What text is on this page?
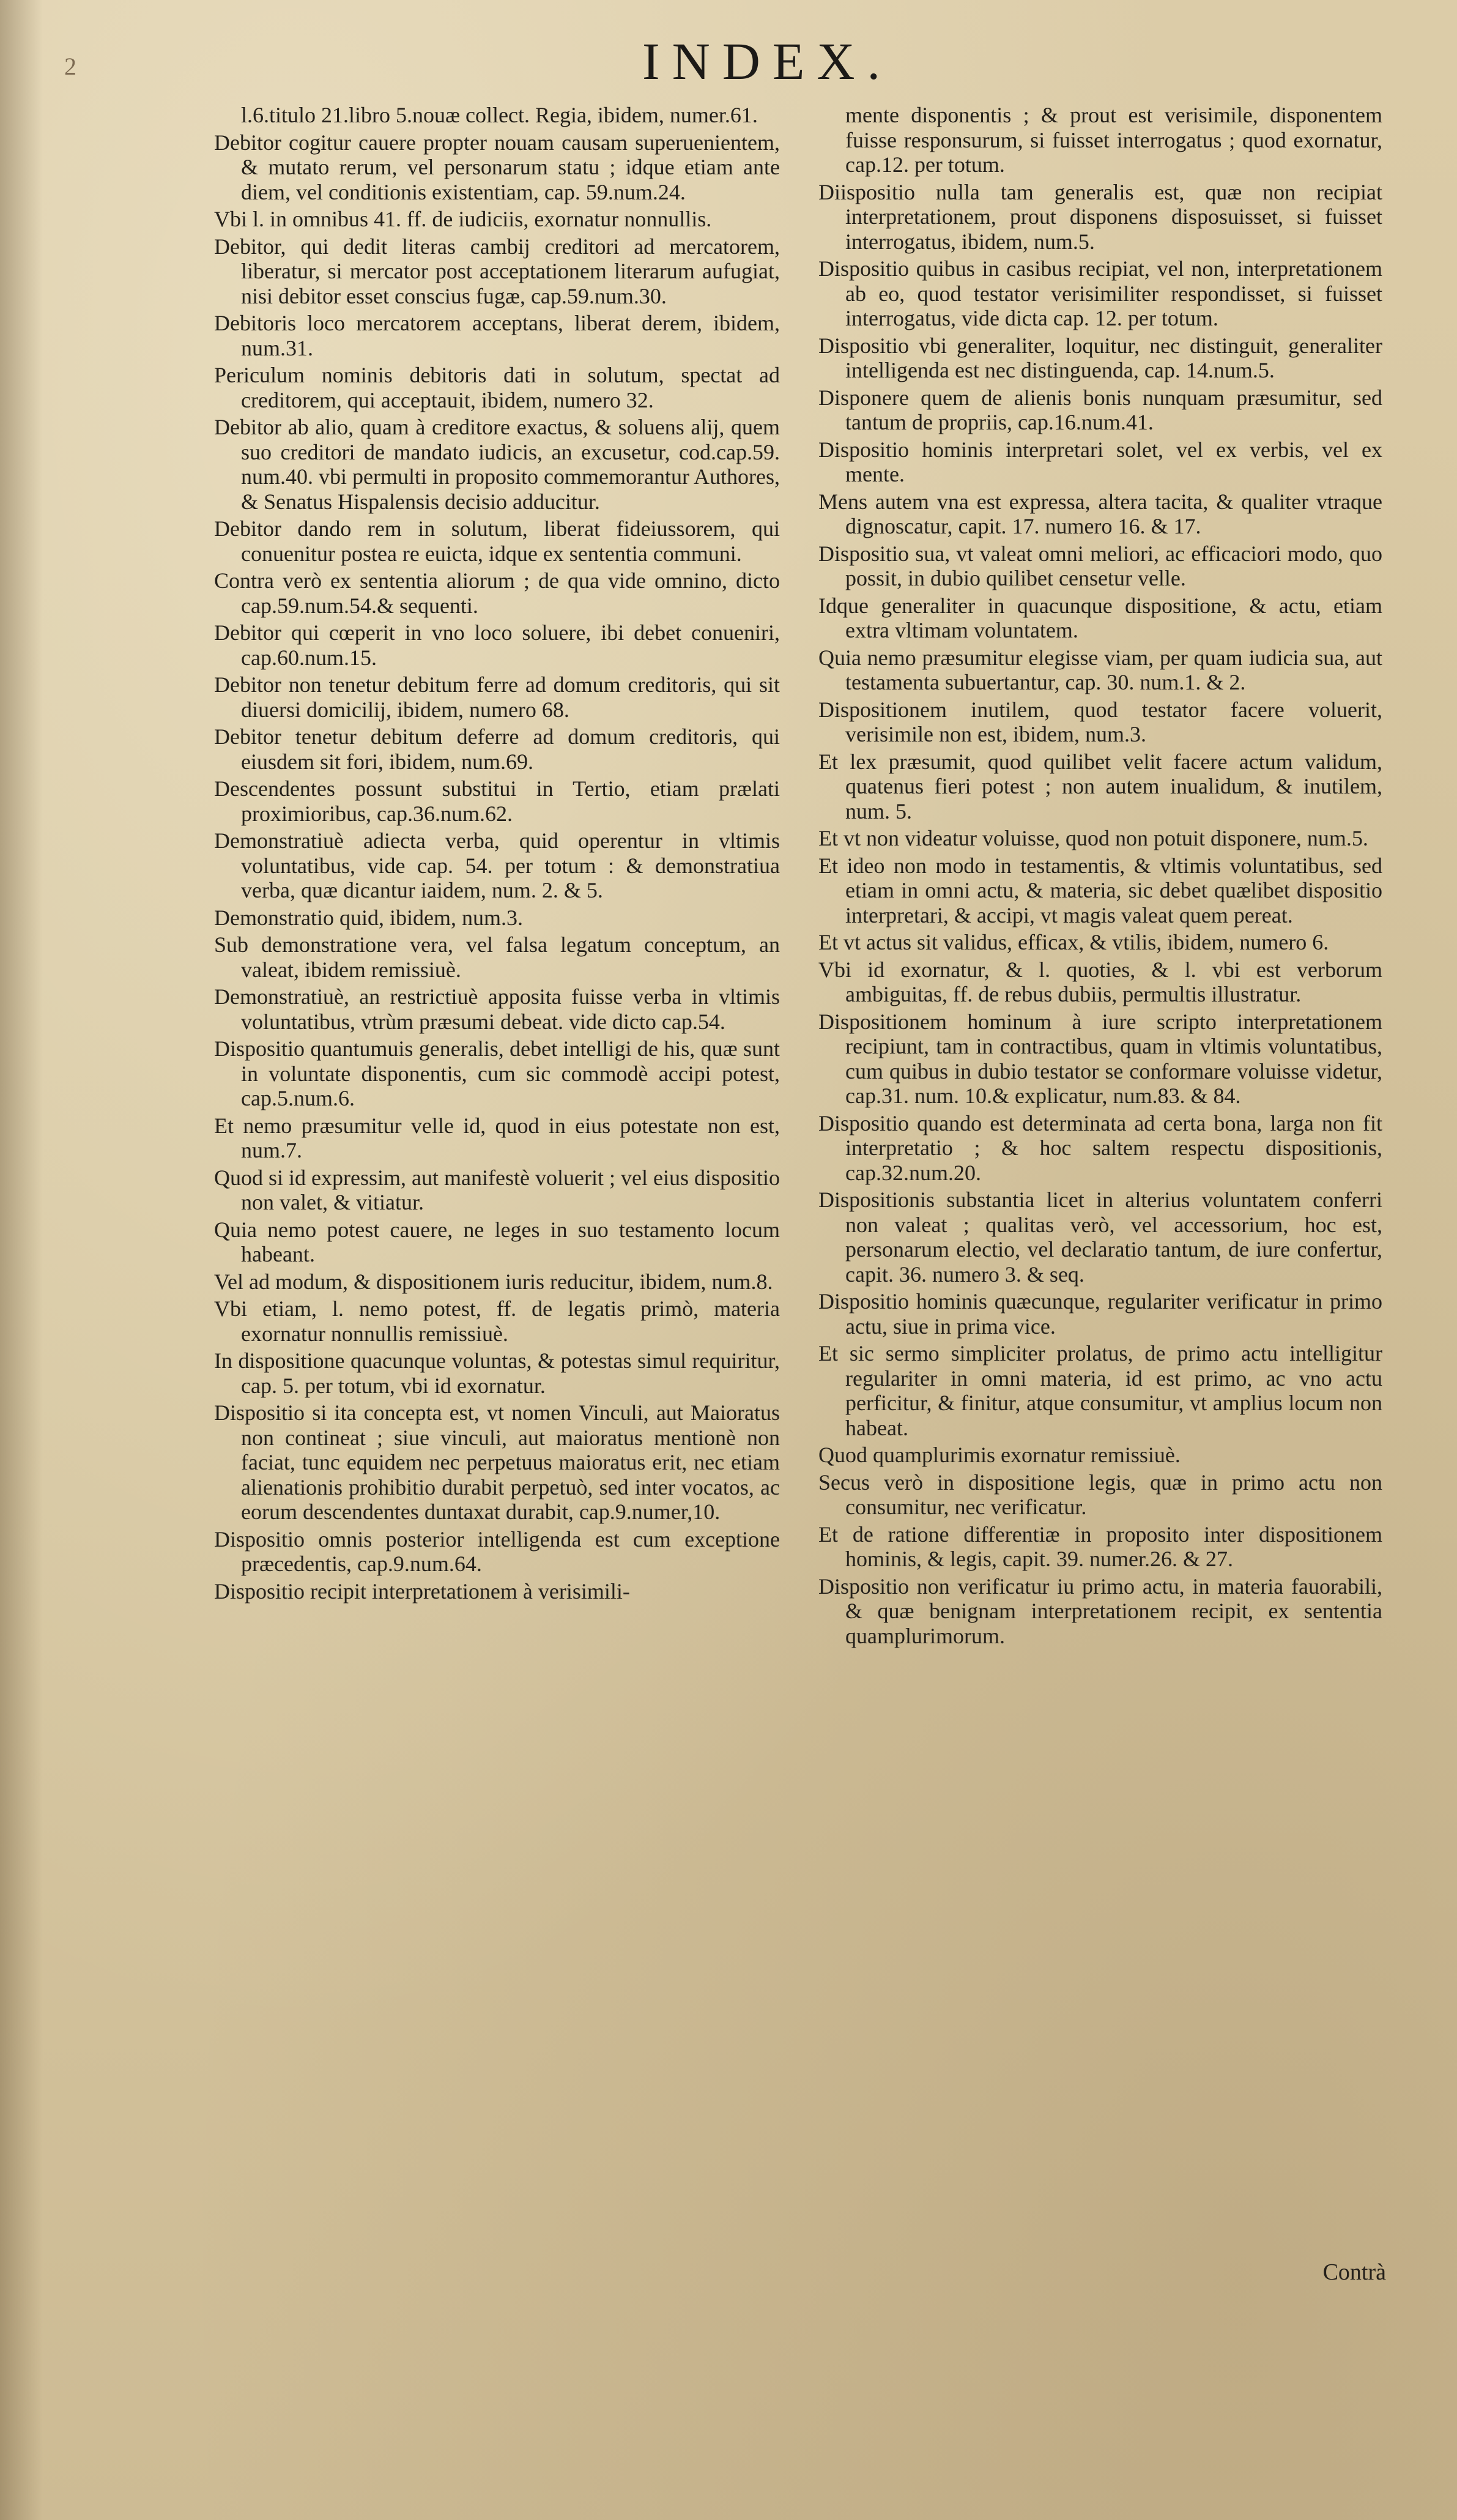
2	INDEX.

l.6.titulo 21.libro 5.nouæ collect. Regia, ibidem, numer.61.

Debitor cogitur cauere propter nouam causam superuenientem, & mutato rerum, vel personarum statu ; idque etiam ante diem, vel conditionis existentiam, cap. 59.num.24.

Vbi l. in omnibus 41. ff. de iudiciis, exornatur nonnullis.

Debitor, qui dedit literas cambij creditori ad mercatorem, liberatur, si mercator post acceptationem literarum aufugiat, nisi debitor esset conscius fugæ, cap.59.num.30.

Debitoris loco mercatorem acceptans, liberat derem, ibidem, num.31.

Periculum nominis debitoris dati in solutum, spectat ad creditorem, qui acceptauit, ibidem, numero 32.

Debitor ab alio, quam à creditore exactus, & soluens alij, quem suo creditori de mandato iudicis, an excusetur, cod.cap.59. num.40. vbi permulti in proposito commemorantur Authores, & Senatus Hispalensis decisio adducitur.

Debitor dando rem in solutum, liberat fideiussorem, qui conuenitur postea re euicta, idque ex sententia communi.

Contra verò ex sententia aliorum ; de qua vide omnino, dicto cap.59.num.54.& sequenti.

Debitor qui cœperit in vno loco soluere, ibi debet conueniri, cap.60.num.15.

Debitor non tenetur debitum ferre ad domum creditoris, qui sit diuersi domicilij, ibidem, numero 68.

Debitor tenetur debitum deferre ad domum creditoris, qui eiusdem sit fori, ibidem, num.69.

Descendentes possunt substitui in Tertio, etiam prælati proximioribus, cap.36.num.62.

Demonstratiuè adiecta verba, quid operentur in vltimis voluntatibus, vide cap. 54. per totum : & demonstratiua verba, quæ dicantur iaidem, num. 2. & 5.

Demonstratio quid, ibidem, num.3.

Sub demonstratione vera, vel falsa legatum conceptum, an valeat, ibidem remissiuè.

Demonstratiuè, an restrictiuè apposita fuisse verba in vltimis voluntatibus, vtrùm præsumi debeat. vide dicto cap.54.

Dispositio quantumuis generalis, debet intelligi de his, quæ sunt in voluntate disponentis, cum sic commodè accipi potest, cap.5.num.6.

Et nemo præsumitur velle id, quod in eius potestate non est, num.7.

Quod si id expressim, aut manifestè voluerit ; vel eius dispositio non valet, & vitiatur.

Quia nemo potest cauere, ne leges in suo testamento locum habeant.

Vel ad modum, & dispositionem iuris reducitur, ibidem, num.8.

Vbi etiam, l. nemo potest, ff. de legatis primò, materia exornatur nonnullis remissiuè.

In dispositione quacunque voluntas, & potestas simul requiritur, cap. 5. per totum, vbi id exornatur.

Dispositio si ita concepta est, vt nomen Vinculi, aut Maioratus non contineat ; siue vinculi, aut maioratus mentionè non faciat, tunc equidem nec perpetuus maioratus erit, nec etiam alienationis prohibitio durabit perpetuò, sed inter vocatos, ac eorum descendentes duntaxat durabit, cap.9.numer,10.

Dispositio omnis posterior intelligenda est cum exceptione præcedentis, cap.9.num.64.

Dispositio recipit interpretationem à verisimili-

mente disponentis ; & prout est verisimile, disponentem fuisse responsurum, si fuisset interrogatus ; quod exornatur, cap.12. per totum.

Diispositio nulla tam generalis est, quæ non recipiat interpretationem, prout disponens disposuisset, si fuisset interrogatus, ibidem, num.5.

Dispositio quibus in casibus recipiat, vel non, interpretationem ab eo, quod testator verisimiliter respondisset, si fuisset interrogatus, vide dicta cap. 12. per totum.

Dispositio vbi generaliter, loquitur, nec distinguit, generaliter intelligenda est nec distinguenda, cap. 14.num.5.

Disponere quem de alienis bonis nunquam præsumitur, sed tantum de propriis, cap.16.num.41.

Dispositio hominis interpretari solet, vel ex verbis, vel ex mente.

Mens autem vna est expressa, altera tacita, & qualiter vtraque dignoscatur, capit. 17. numero 16. & 17.

Dispositio sua, vt valeat omni meliori, ac efficaciori modo, quo possit, in dubio quilibet censetur velle.

Idque generaliter in quacunque dispositione, & actu, etiam extra vltimam voluntatem.

Quia nemo præsumitur elegisse viam, per quam iudicia sua, aut testamenta subuertantur, cap. 30. num.1. & 2.

Dispositionem inutilem, quod testator facere voluerit, verisimile non est, ibidem, num.3.

Et lex præsumit, quod quilibet velit facere actum validum, quatenus fieri potest ; non autem inualidum, & inutilem, num. 5.

Et vt non videatur voluisse, quod non potuit disponere, num.5.

Et ideo non modo in testamentis, & vltimis voluntatibus, sed etiam in omni actu, & materia, sic debet quælibet dispositio interpretari, & accipi, vt magis valeat quem pereat.

Et vt actus sit validus, efficax, & vtilis, ibidem, numero 6.

Vbi id exornatur, & l. quoties, & l. vbi est verborum ambiguitas, ff. de rebus dubiis, permultis illustratur.

Dispositionem hominum à iure scripto interpretationem recipiunt, tam in contractibus, quam in vltimis voluntatibus, cum quibus in dubio testator se conformare voluisse videtur, cap.31. num. 10.& explicatur, num.83. & 84.

Dispositio quando est determinata ad certa bona, larga non fit interpretatio ; & hoc saltem respectu dispositionis, cap.32.num.20.

Dispositionis substantia licet in alterius voluntatem conferri non valeat ; qualitas verò, vel accessorium, hoc est, personarum electio, vel declaratio tantum, de iure confertur, capit. 36. numero 3. & seq.

Dispositio hominis quæcunque, regulariter verificatur in primo actu, siue in prima vice.

Et sic sermo simpliciter prolatus, de primo actu intelligitur regulariter in omni materia, id est primo, ac vno actu perficitur, & finitur, atque consumitur, vt amplius locum non habeat.

Quod quamplurimis exornatur remissiuè.

Secus verò in dispositione legis, quæ in primo actu non consumitur, nec verificatur.

Et de ratione differentiæ in proposito inter dispositionem hominis, & legis, capit. 39. numer.26. & 27.

Dispositio non verificatur iu primo actu, in materia fauorabili, & quæ benignam interpretationem recipit, ex sententia quamplurimorum.

Contrà
